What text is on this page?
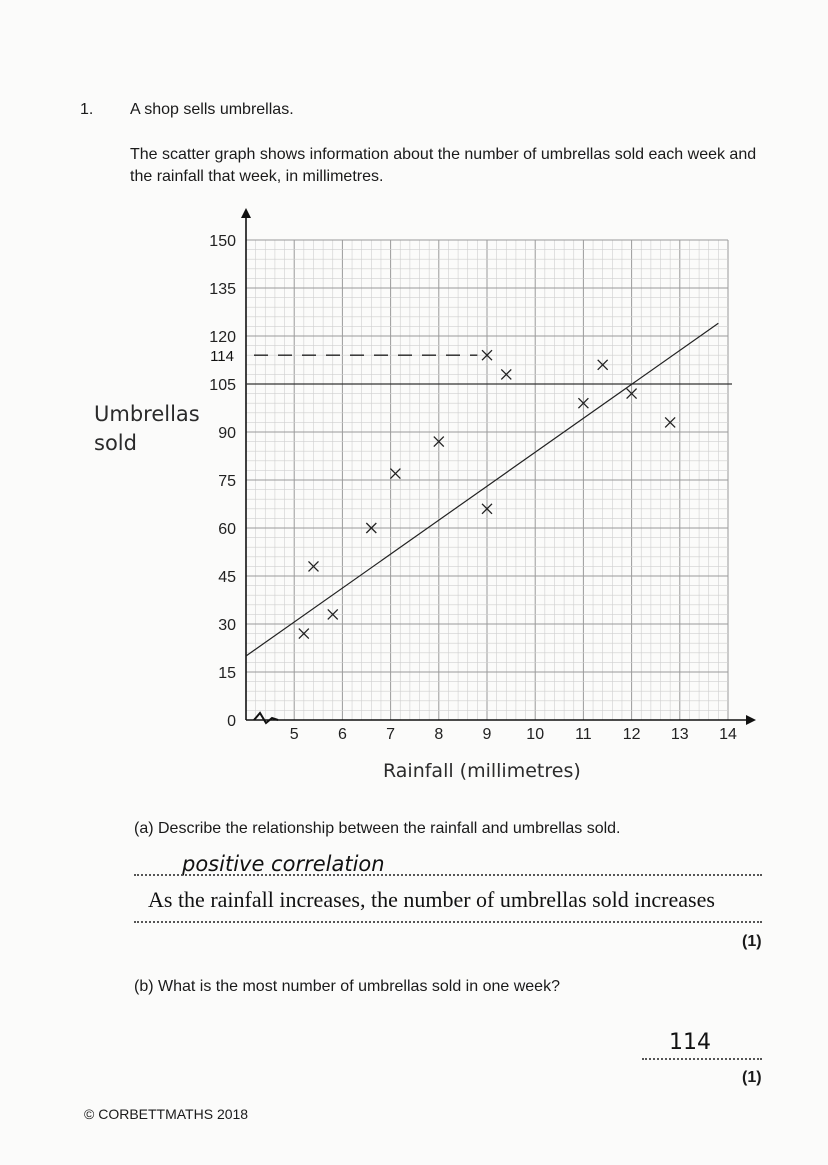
1. A shop sells umbrellas.
The scatter graph shows information about the number of umbrellas sold each week and the rainfall that week, in millimetres.
Umbrellas sold
0
15
30
45
60
75
90
105
120
135
150
5 6 7 8 9 10 11 12 13 14
114
Rainfall (millimetres)
(a) Describe the relationship between the rainfall and umbrellas sold.
positive correlation
As the rainfall increases, the number of umbrellas sold increases
(1)
(b) What is the most number of umbrellas sold in one week?
114
(1)
© CORBETTMATHS 2018
